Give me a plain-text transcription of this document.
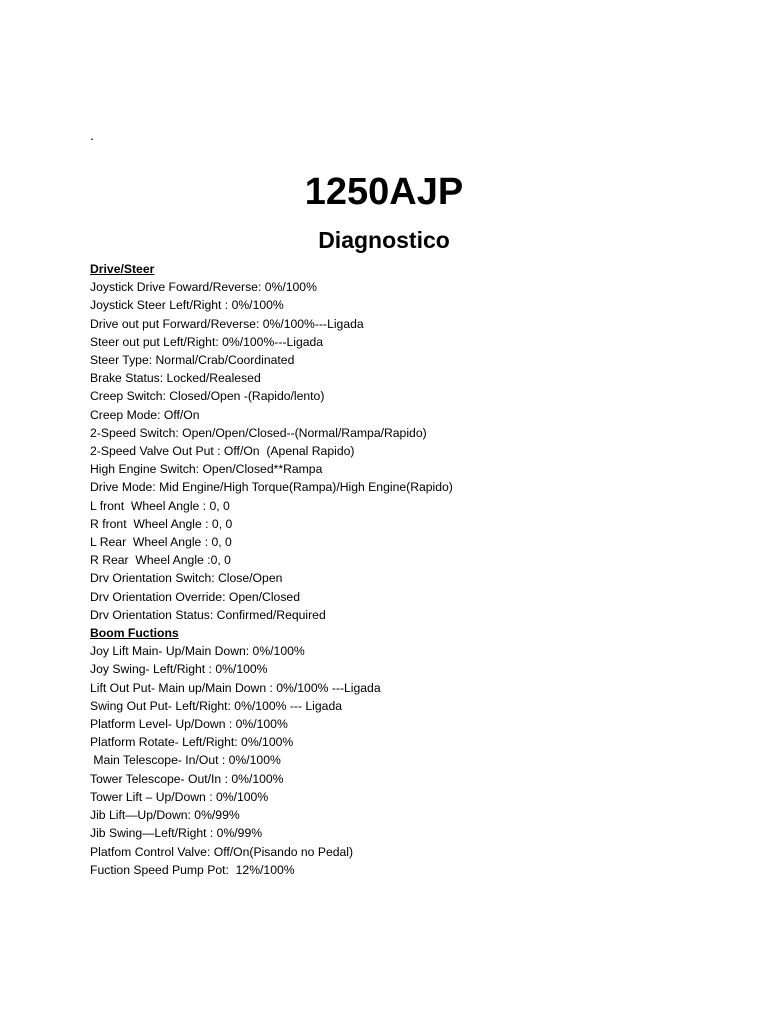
.
1250AJP
Diagnostico
Drive/Steer
Joystick Drive Foward/Reverse: 0%/100%
Joystick Steer Left/Right : 0%/100%
Drive out put Forward/Reverse: 0%/100%---Ligada
Steer out put Left/Right: 0%/100%---Ligada
Steer Type: Normal/Crab/Coordinated
Brake Status: Locked/Realesed
Creep Switch: Closed/Open -(Rapido/lento)
Creep Mode: Off/On
2-Speed Switch: Open/Open/Closed--(Normal/Rampa/Rapido)
2-Speed Valve Out Put : Off/On  (Apenal Rapido)
High Engine Switch: Open/Closed**Rampa
Drive Mode: Mid Engine/High Torque(Rampa)/High Engine(Rapido)
L front  Wheel Angle : 0, 0
R front  Wheel Angle : 0, 0
L Rear  Wheel Angle : 0, 0
R Rear  Wheel Angle :0, 0
Drv Orientation Switch: Close/Open
Drv Orientation Override: Open/Closed
Drv Orientation Status: Confirmed/Required
Boom Fuctions
Joy Lift Main- Up/Main Down: 0%/100%
Joy Swing- Left/Right : 0%/100%
Lift Out Put- Main up/Main Down : 0%/100% ---Ligada
Swing Out Put- Left/Right: 0%/100% --- Ligada
Platform Level- Up/Down : 0%/100%
Platform Rotate- Left/Right: 0%/100%
Main Telescope- In/Out : 0%/100%
Tower Telescope- Out/In : 0%/100%
Tower Lift – Up/Down : 0%/100%
Jib Lift—Up/Down: 0%/99%
Jib Swing—Left/Right : 0%/99%
Platfom Control Valve: Off/On(Pisando no Pedal)
Fuction Speed Pump Pot:  12%/100%
